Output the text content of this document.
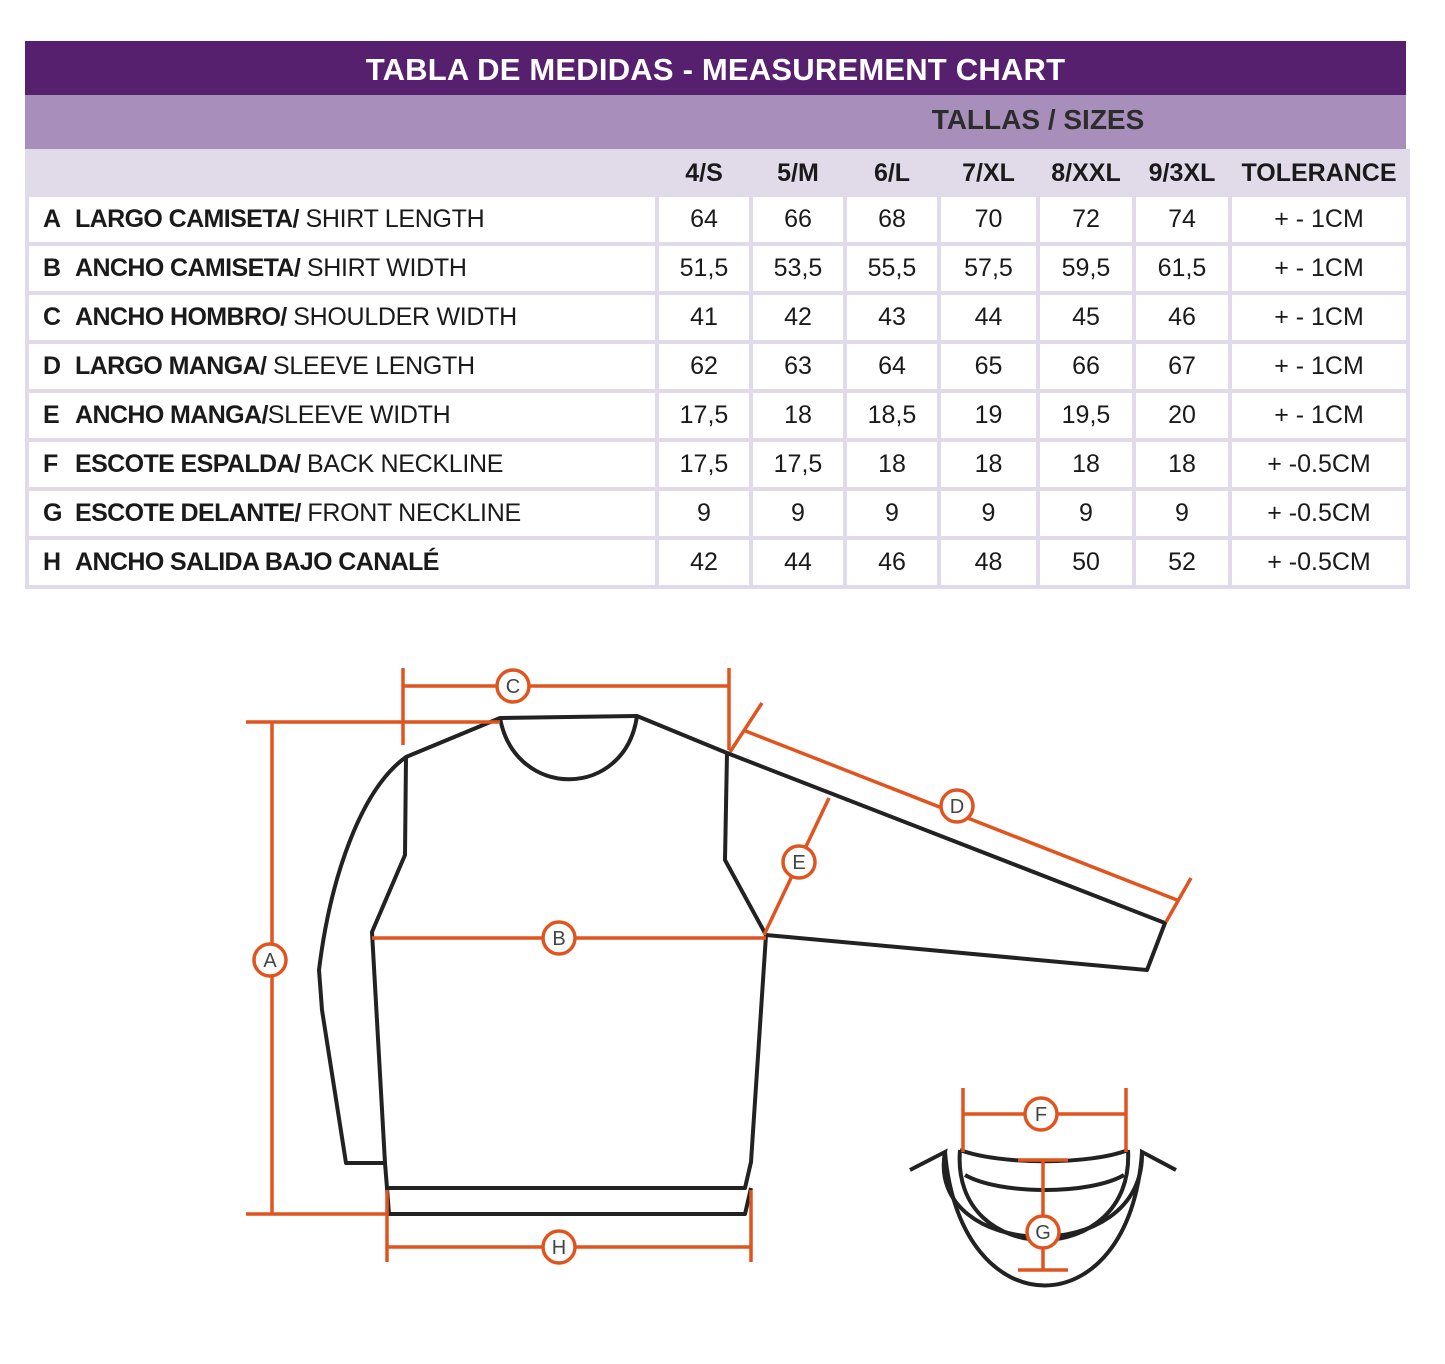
TABLA DE MEDIDAS - MEASUREMENT CHART
TALLAS / SIZES
	4/S	5/M	6/L	7/XL	8/XXL	9/3XL	TOLERANCE
A LARGO CAMISETA/ SHIRT LENGTH	64	66	68	70	72	74	+ - 1CM
B ANCHO CAMISETA/ SHIRT WIDTH	51,5	53,5	55,5	57,5	59,5	61,5	+ - 1CM
C ANCHO HOMBRO/ SHOULDER WIDTH	41	42	43	44	45	46	+ - 1CM
D LARGO MANGA/ SLEEVE LENGTH	62	63	64	65	66	67	+ - 1CM
E ANCHO MANGA/SLEEVE WIDTH	17,5	18	18,5	19	19,5	20	+ - 1CM
F ESCOTE ESPALDA/ BACK NECKLINE	17,5	17,5	18	18	18	18	+ -0.5CM
G ESCOTE DELANTE/ FRONT NECKLINE	9	9	9	9	9	9	+ -0.5CM
H ANCHO SALIDA BAJO CANALÉ	42	44	46	48	50	52	+ -0.5CM
A
B
C
D
E
F
G
H
